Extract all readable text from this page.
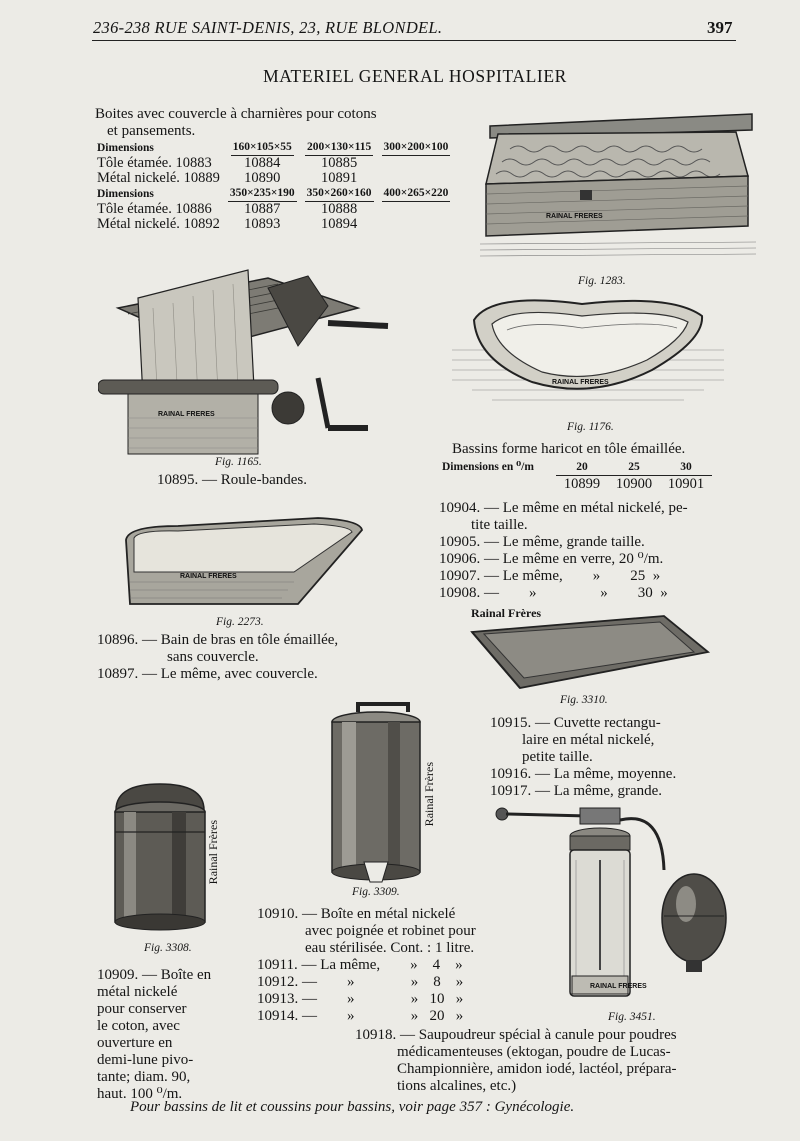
236-238 RUE SAINT-DENIS, 23, RUE BLONDEL.	397
MATERIEL GENERAL HOSPITALIER
Boites avec couvercle à charnières pour cotons
et pansements.
Dimensions	160×105×55	200×130×115	300×200×100
Tôle étamée. 10883	10884	10885	
Métal nickelé. 10889	10890	10891	
Dimensions	350×235×190	350×260×160	400×265×220
Tôle étamée. 10886	10887	10888	
Métal nickelé. 10892	10893	10894		RAINAL FRERES
Fig. 1283.
RAINAL FRERES
Fig. 1165.
10895. — Roule-bandes.
RAINAL FRERES
Fig. 1176.
Bassins forme haricot en tôle émaillée.
Dimensions en ⁰/m	20	25	30
	10899	10900	10901
10904. — Le même en métal nickelé, pe-
tite taille.
10905. — Le même, grande taille.
10906. — Le même en verre, 20 ⁰/m.
10907. — Le même,        »        25  »
10908. —        »                 »        30  »
RAINAL FRERES
Fig. 2273.
10896. — Bain de bras en tôle émaillée,
sans couvercle.
10897. — Le même, avec couvercle.
Rainal Frères
Fig. 3310.
10915. — Cuvette rectangu-
laire en métal nickelé,
petite taille.
10916. — La même, moyenne.
10917. — La même, grande.
Rainal Frères
Fig. 3309.
10910. — Boîte en métal nickelé
avec poignée et robinet pour
eau stérilisée. Cont. : 1 litre.
10911. — La même,        »    4    »
10912. —        »               »    8    »
10913. —        »               »   10   »
10914. —        »               »   20   »
Rainal Frères
Fig. 3308.
10909. — Boîte en
métal nickelé
pour conserver
le coton, avec
ouverture en
demi-lune pivo-
tante; diam. 90,
haut. 100 ⁰/m.
RAINAL FRERES
Fig. 3451.
10918. — Saupoudreur spécial à canule pour poudres
médicamenteuses (ektogan, poudre de Lucas-
Championnière, amidon iodé, lactéol, prépara-
tions alcalines, etc.)
Pour bassins de lit et coussins pour bassins, voir page 357 : Gynécologie.
